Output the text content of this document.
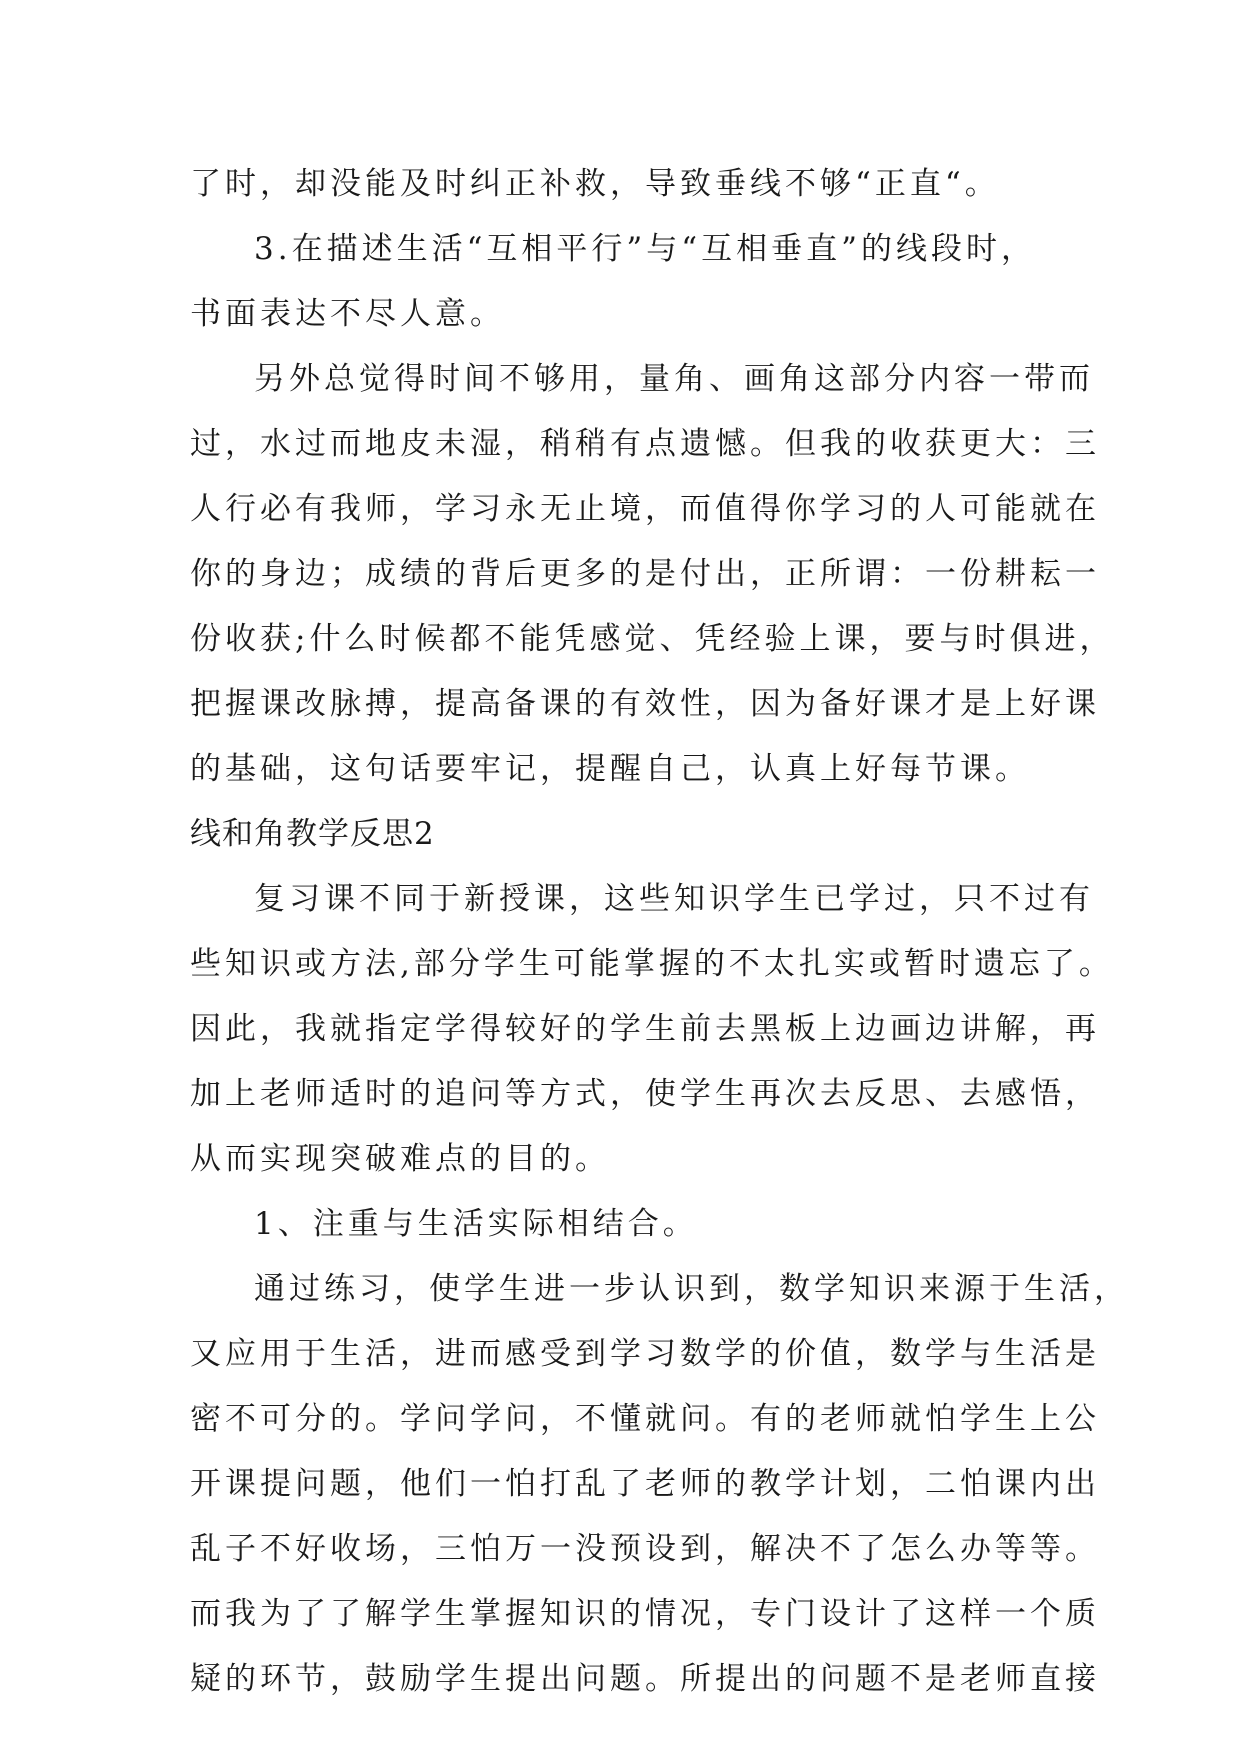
了时，却没能及时纠正补救，导致垂线不够“正直“。
3.在描述生活“互相平行”与“互相垂直”的线段时，
书面表达不尽人意。
另外总觉得时间不够用，量角、画角这部分内容一带而
过，水过而地皮未湿，稍稍有点遗憾。但我的收获更大：三
人行必有我师，学习永无止境，而值得你学习的人可能就在
你的身边；成绩的背后更多的是付出，正所谓：一份耕耘一
份收获;什么时候都不能凭感觉、凭经验上课，要与时俱进，
把握课改脉搏，提高备课的有效性，因为备好课才是上好课
的基础，这句话要牢记，提醒自己，认真上好每节课。
线和角教学反思2
复习课不同于新授课，这些知识学生已学过，只不过有
些知识或方法,部分学生可能掌握的不太扎实或暂时遗忘了。
因此，我就指定学得较好的学生前去黑板上边画边讲解，再
加上老师适时的追问等方式，使学生再次去反思、去感悟，
从而实现突破难点的目的。
1、注重与生活实际相结合。
通过练习，使学生进一步认识到，数学知识来源于生活，
又应用于生活，进而感受到学习数学的价值，数学与生活是
密不可分的。学问学问，不懂就问。有的老师就怕学生上公
开课提问题，他们一怕打乱了老师的教学计划，二怕课内出
乱子不好收场，三怕万一没预设到，解决不了怎么办等等。
而我为了了解学生掌握知识的情况，专门设计了这样一个质
疑的环节，鼓励学生提出问题。所提出的问题不是老师直接
